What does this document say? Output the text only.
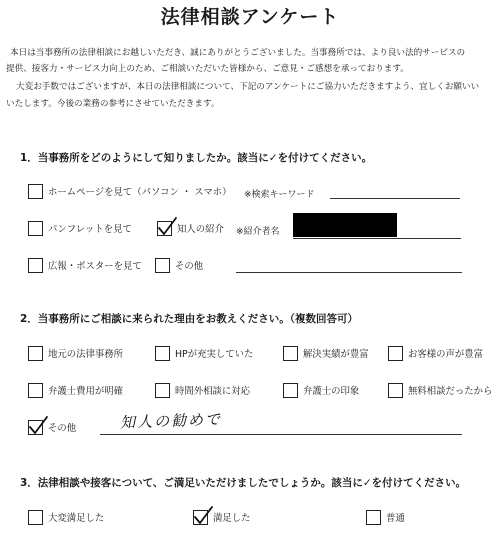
法律相談アンケート
本日は当事務所の法律相談にお越しいただき、誠にありがとうございました。当事務所では、より良い法的サービスの
提供、接客力・サービス力向上のため、ご相談いただいた皆様から、ご意見・ご感想を承っております。
大変お手数ではございますが、本日の法律相談について、下記のアンケートにご協力いただきますよう、宜しくお願いい
いたします。今後の業務の参考にさせていただきます。
1．当事務所をどのようにして知りましたか。該当に✓を付けてください。
ホームページを見て（パソコン ・ スマホ） ※検索キーワード
パンフレットを見て	知人の紹介 ※紹介者名
広報・ポスターを見て	その他
2．当事務所にご相談に来られた理由をお教えください。（複数回答可）
地元の法律事務所	HPが充実していた	解決実績が豊富	お客様の声が豊富
弁護士費用が明確	時間外相談に対応	弁護士の印象	無料相談だったから
その他	知人の勧めで
3．法律相談や接客について、ご満足いただけましたでしょうか。該当に✓を付けてください。
大変満足した	満足した	普通
